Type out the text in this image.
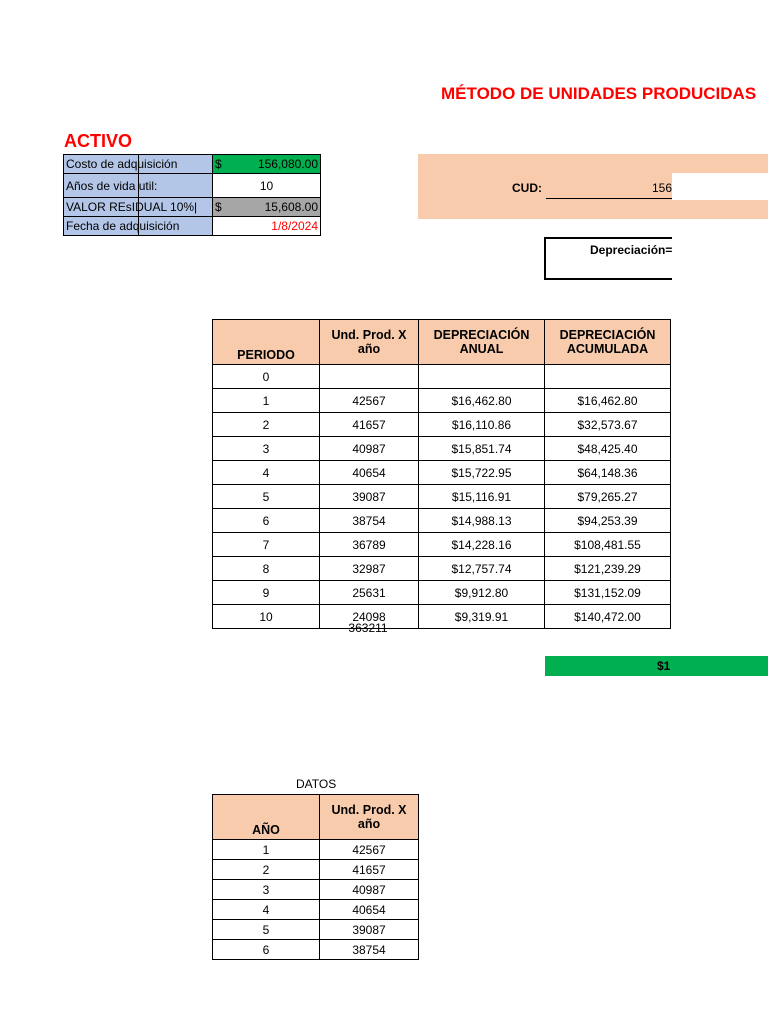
MÉTODO DE UNIDADES PRODUCIDAS
ACTIVO
Costo de adquisición	$ 156,080.00

Años de vida util:	10

VALOR REsIDUAL 10%|	$ 15,608.00

Fecha de adquisición	1/8/2024
CUD:	156
Depreciación=
PERIODO	Und. Prod. X año	DEPRECIACIÓN ANUAL	DEPRECIACIÓN ACUMULADA
0			
1	42567	$16,462.80	$16,462.80
2	41657	$16,110.86	$32,573.67
3	40987	$15,851.74	$48,425.40
4	40654	$15,722.95	$64,148.36
5	39087	$15,116.91	$79,265.27
6	38754	$14,988.13	$94,253.39
7	36789	$14,228.16	$108,481.55
8	32987	$12,757.74	$121,239.29
9	25631	$9,912.80	$131,152.09
10	24098	$9,319.91	$140,472.00
363211
$1
DATOS
AÑO	Und. Prod. X año
1	42567
2	41657
3	40987
4	40654
5	39087
6	38754
